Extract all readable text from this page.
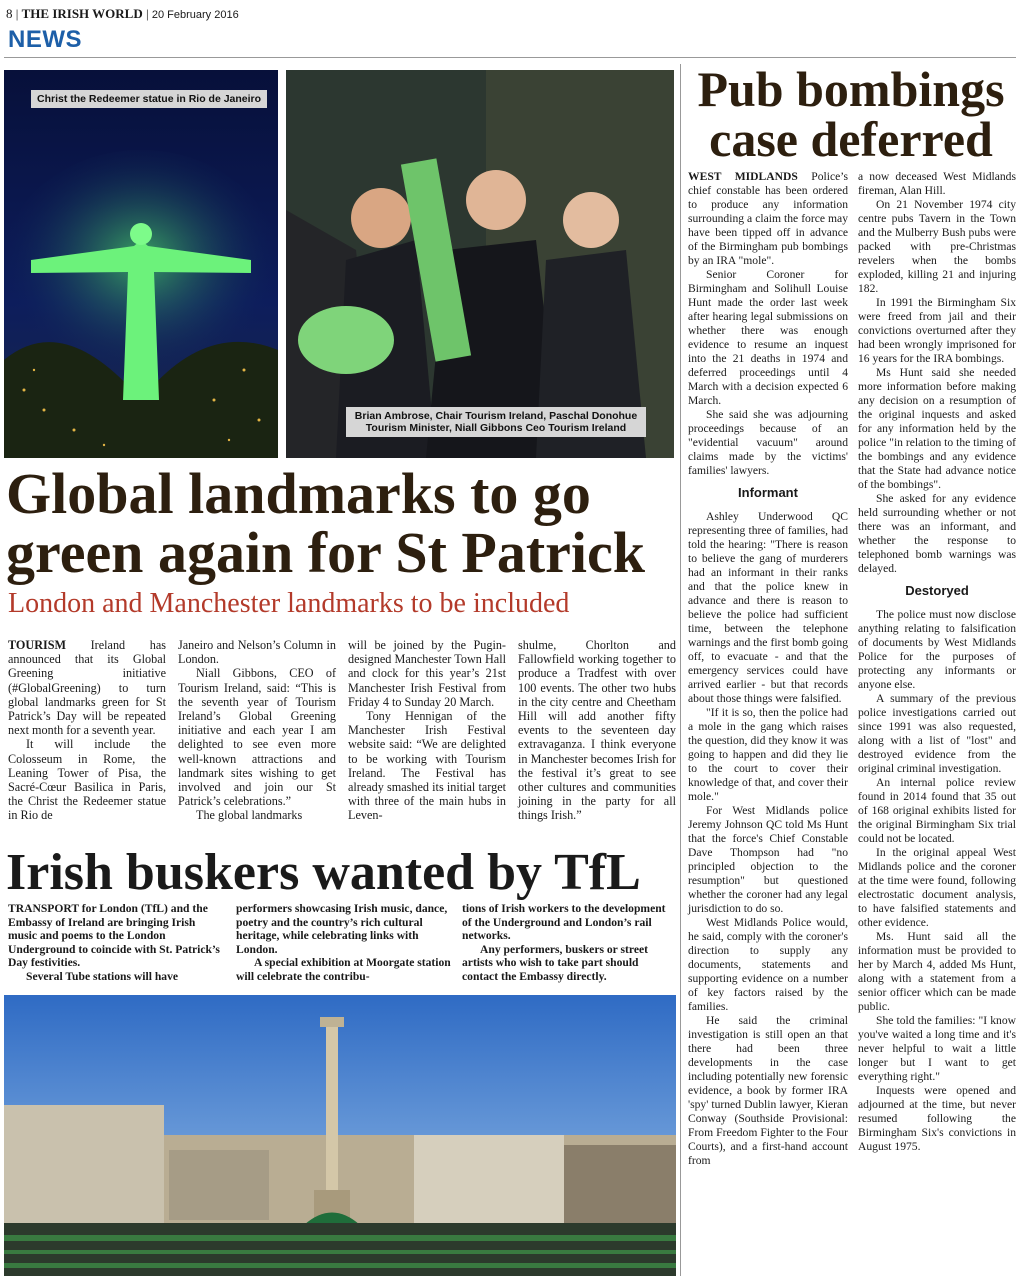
8 | THE IRISH WORLD | 20 February 2016
NEWS
Christ the Redeemer statue in Rio de Janeiro
Brian Ambrose, Chair Tourism Ireland, Paschal Donohue
Tourism Minister, Niall Gibbons Ceo Tourism Ireland
Global landmarks to go
green again for St Patrick
London and Manchester landmarks to be included

TOURISM Ireland has announced that its Global Greening initiative (#GlobalGreening) to turn global landmarks green for St Patrick’s Day will be repeated next month for a seventh year.

It will include the Colosseum in Rome, the Leaning Tower of Pisa, the Sacré-Cœur Basilica in Paris, the Christ the Redeemer statue in Rio de

Janeiro and Nelson’s Column in London.

Niall Gibbons, CEO of Tourism Ireland, said: “This is the seventh year of Tourism Ireland’s Global Greening initiative and each year I am delighted to see even more well-known attractions and landmark sites wishing to get involved and join our St Patrick’s celebrations.”

The global landmarks

will be joined by the Pugin-designed Manchester Town Hall and clock for this year’s 21st Manchester Irish Festival from Friday 4 to Sunday 20 March.

Tony Hennigan of the Manchester Irish Festival website said: “We are delighted to be working with Tourism Ireland. The Festival has already smashed its initial target with three of the main hubs in Leven-

shulme, Chorlton and Fallowfield working together to produce a Tradfest with over 100 events. The other two hubs in the city centre and Cheetham Hill will add another fifty events to the seventeen day extravaganza. I think everyone in Manchester becomes Irish for the festival it’s great to see other cultures and communities joining in the party for all things Irish.”

Irish buskers wanted by TfL

TRANSPORT for London (TfL) and the Embassy of Ireland are bringing Irish music and poems to the London Underground to coincide with St. Patrick’s Day festivities.

Several Tube stations will have

performers showcasing Irish music, dance, poetry and the country’s rich cultural heritage, while celebrating links with London.

A special exhibition at Moorgate station will celebrate the contribu-

tions of Irish workers to the development of the Underground and London’s rail networks.

Any performers, buskers or street artists who wish to take part should contact the Embassy directly.

Pub bombings
case deferred

WEST MIDLANDS Police’s chief constable has been ordered to produce any information surrounding a claim the force may have been tipped off in advance of the Birmingham pub bombings by an IRA "mole".

Senior Coroner for Birmingham and Solihull Louise Hunt made the order last week after hearing legal submissions on whether there was enough evidence to resume an inquest into the 21 deaths in 1974 and deferred proceedings until 4 March with a decision expected 6 March.

She said she was adjourning proceedings because of an "evidential vacuum" around claims made by the victims' families' lawyers.

Informant

Ashley Underwood QC representing three of families, had told the hearing: "There is reason to believe the gang of murderers had an informant in their ranks and that the police knew in advance and there is reason to believe the police had sufficient time, between the telephone warnings and the first bomb going off, to evacuate - and that the emergency services could have arrived earlier - but that records about those things were falsified.

"If it is so, then the police had a mole in the gang which raises the question, did they know it was going to happen and did they lie to the court to cover their knowledge of that, and cover their mole."

For West Midlands police Jeremy Johnson QC told Ms Hunt that the force's Chief Constable Dave Thompson had "no principled objection to the resumption" but questioned whether the coroner had any legal jurisdiction to do so.

West Midlands Police would, he said, comply with the coroner's direction to supply any documents, statements and supporting evidence on a number of key factors raised by the families.

He said the criminal investigation is still open an that there had been three developments in the case including potentially new forensic evidence, a book by former IRA 'spy' turned Dublin lawyer, Kieran Conway (Southside Provisional: From Freedom Fighter to the Four Courts), and a first-hand account from

a now deceased West Midlands fireman, Alan Hill.

On 21 November 1974 city centre pubs Tavern in the Town and the Mulberry Bush pubs were packed with pre-Christmas revelers when the bombs exploded, killing 21 and injuring 182.

In 1991 the Birmingham Six were freed from jail and their convictions overturned after they had been wrongly imprisoned for 16 years for the IRA bombings.

Ms Hunt said she needed more information before making any decision on a resumption of the original inquests and asked for any information held by the police "in relation to the timing of the bombings and any evidence that the State had advance notice of the bombings".

She asked for any evidence held surrounding whether or not there was an informant, and whether the response to telephoned bomb warnings was delayed.

Destoryed

The police must now disclose anything relating to falsification of documents by West Midlands Police for the purposes of protecting any informants or anyone else.

A summary of the previous police investigations carried out since 1991 was also requested, along with a list of "lost" and destroyed evidence from the original criminal investigation.

An internal police review found in 2014 found that 35 out of 168 original exhibits listed for the original Birmingham Six trial could not be located.

In the original appeal West Midlands police and the coroner at the time were found, following electrostatic document analysis, to have falsified statements and other evidence.

Ms. Hunt said all the information must be provided to her by March 4, added Ms Hunt, along with a statement from a senior officer which can be made public.

She told the families: "I know you've waited a long time and it's never helpful to wait a little longer but I want to get everything right."

Inquests were opened and adjourned at the time, but never resumed following the Birmingham Six's convictions in August 1975.
